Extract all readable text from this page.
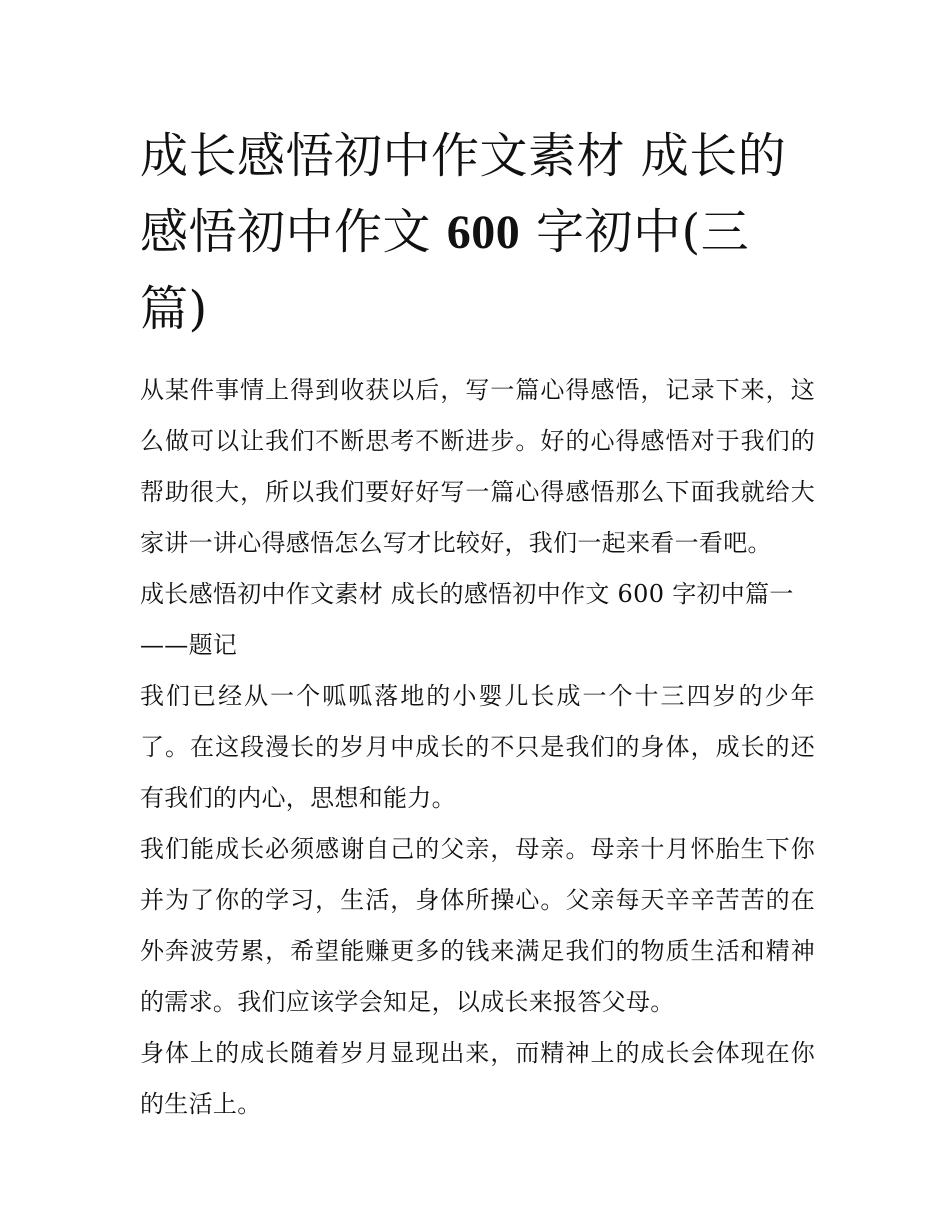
成长感悟初中作文素材 成长的感悟初中作文 600 字初中(三篇)

从某件事情上得到收获以后，写一篇心得感悟，记录下来，这么做可以让我们不断思考不断进步。好的心得感悟对于我们的帮助很大，所以我们要好好写一篇心得感悟那么下面我就给大家讲一讲心得感悟怎么写才比较好，我们一起来看一看吧。

成长感悟初中作文素材 成长的感悟初中作文 600 字初中篇一

——题记

我们已经从一个呱呱落地的小婴儿长成一个十三四岁的少年了。在这段漫长的岁月中成长的不只是我们的身体，成长的还有我们的内心，思想和能力。

我们能成长必须感谢自己的父亲，母亲。母亲十月怀胎生下你并为了你的学习，生活，身体所操心。父亲每天辛辛苦苦的在外奔波劳累，希望能赚更多的钱来满足我们的物质生活和精神的需求。我们应该学会知足，以成长来报答父母。

身体上的成长随着岁月显现出来，而精神上的成长会体现在你的生活上。
